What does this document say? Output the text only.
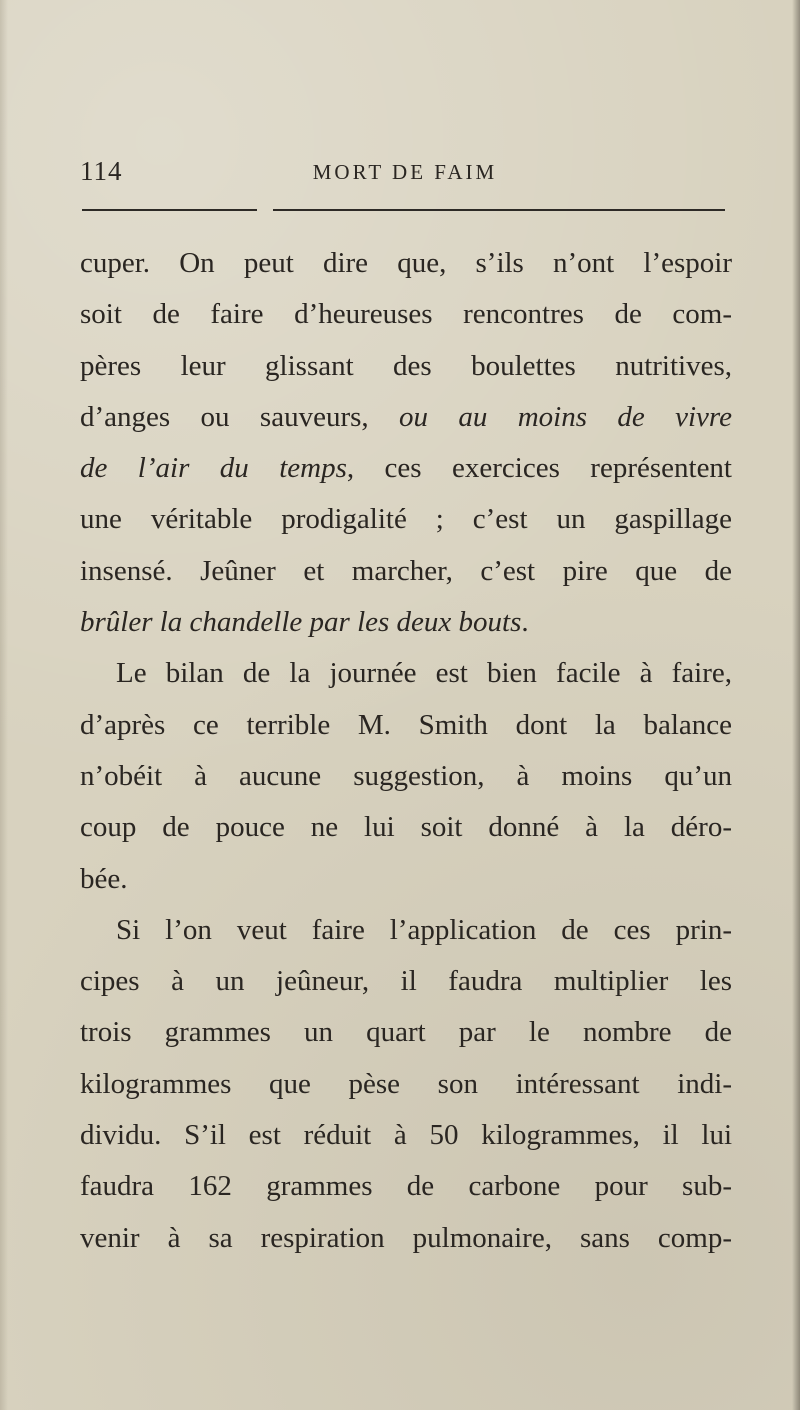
114	MORT DE FAIM
cuper. On peut dire que, s’ils n’ont l’espoir
soit de faire d’heureuses rencontres de com-
pères leur glissant des boulettes nutritives,
d’anges ou sauveurs, ou au moins de vivre
de l’air du temps, ces exercices représentent
une véritable prodigalité ; c’est un gaspillage
insensé. Jeûner et marcher, c’est pire que de
brûler la chandelle par les deux bouts.
Le bilan de la journée est bien facile à faire,
d’après ce terrible M. Smith dont la balance
n’obéit à aucune suggestion, à moins qu’un
coup de pouce ne lui soit donné à la déro-
bée.
Si l’on veut faire l’application de ces prin-
cipes à un jeûneur, il faudra multiplier les
trois grammes un quart par le nombre de
kilogrammes que pèse son intéressant indi-
dividu. S’il est réduit à 50 kilogrammes, il lui
faudra 162 grammes de carbone pour sub-
venir à sa respiration pulmonaire, sans comp-
